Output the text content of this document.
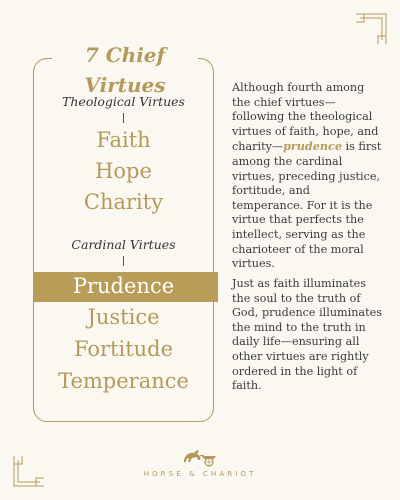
7 Chief Virtues
Theological Virtues
Faith
Hope
Charity
Cardinal Virtues
Prudence
Justice
Fortitude
Temperance
Although fourth among the chief virtues—following the theological virtues of faith, hope, and charity—prudence is first among the cardinal virtues, preceding justice, fortitude, and temperance. For it is the virtue that perfects the intellect, serving as the charioteer of the moral virtues.
Just as faith illuminates the soul to the truth of God, prudence illuminates the mind to the truth in daily life—ensuring all other virtues are rightly ordered in the light of faith.
HORSE & CHARIOT
